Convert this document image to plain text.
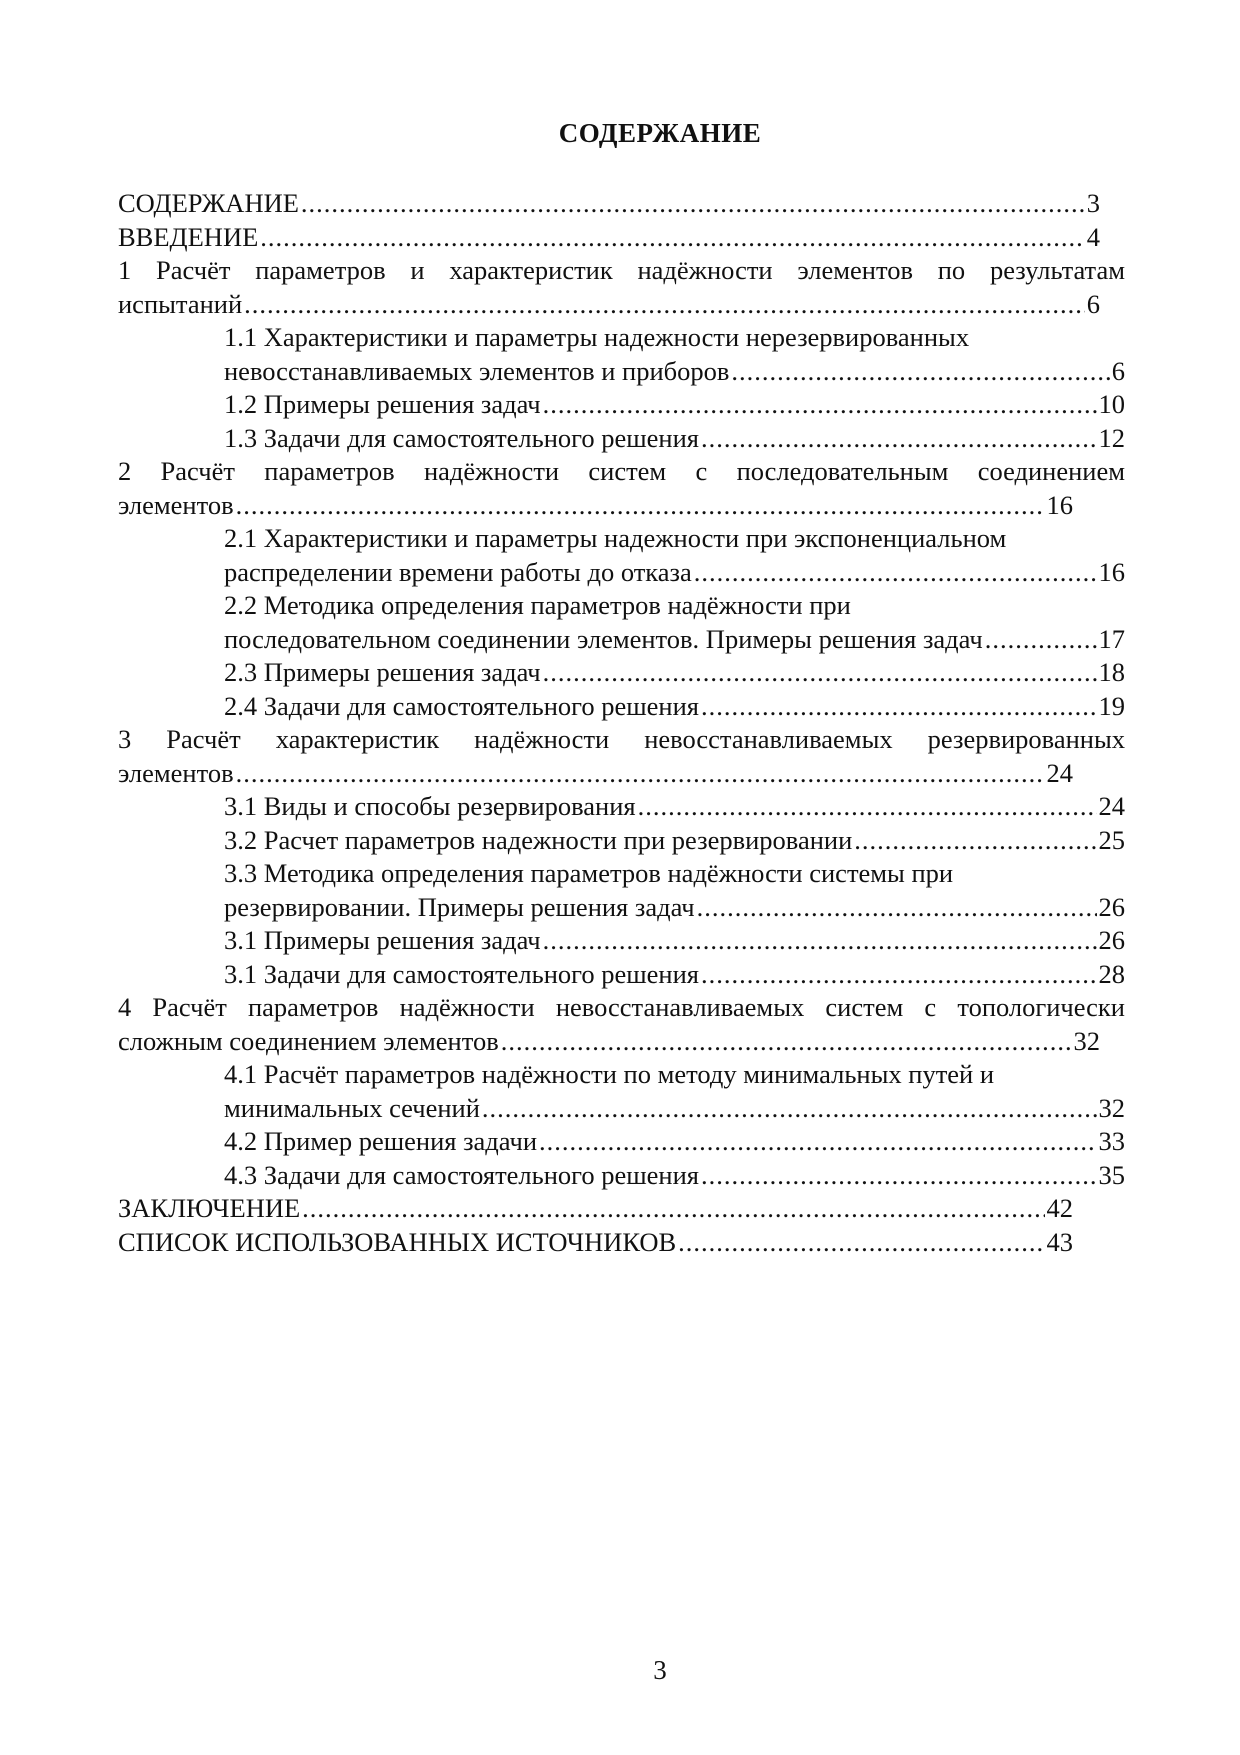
СОДЕРЖАНИЕ
СОДЕРЖАНИЕ .....	3
ВВЕДЕНИЕ .....	4
1 Расчёт параметров и характеристик надёжности элементов по результатам
испытаний .....	6
1.1 Характеристики и параметры надежности нерезервированных
невосстанавливаемых элементов и приборов .....	6
1.2 Примеры решения задач .....	10
1.3 Задачи для самостоятельного решения .....	12
2 Расчёт параметров надёжности систем с последовательным соединением
элементов .....	16
2.1 Характеристики и параметры надежности при экспоненциальном
распределении времени работы до отказа .....	16
2.2 Методика определения параметров надёжности при
последовательном соединении элементов. Примеры решения задач .....	17
2.3 Примеры решения задач .....	18
2.4 Задачи для самостоятельного решения .....	19
3 Расчёт характеристик надёжности невосстанавливаемых резервированных
элементов .....	24
3.1 Виды и способы резервирования .....	24
3.2 Расчет параметров надежности при резервировании .....	25
3.3 Методика определения параметров надёжности системы при
резервировании. Примеры решения задач .....	26
3.1 Примеры решения задач .....	26
3.1 Задачи для самостоятельного решения .....	28
4 Расчёт параметров надёжности невосстанавливаемых систем с топологически
сложным соединением элементов .....	32
4.1 Расчёт параметров надёжности по методу минимальных путей и
минимальных сечений .....	32
4.2 Пример решения задачи .....	33
4.3 Задачи для самостоятельного решения .....	35
ЗАКЛЮЧЕНИЕ .....	42
СПИСОК ИСПОЛЬЗОВАННЫХ ИСТОЧНИКОВ .....	43
3
